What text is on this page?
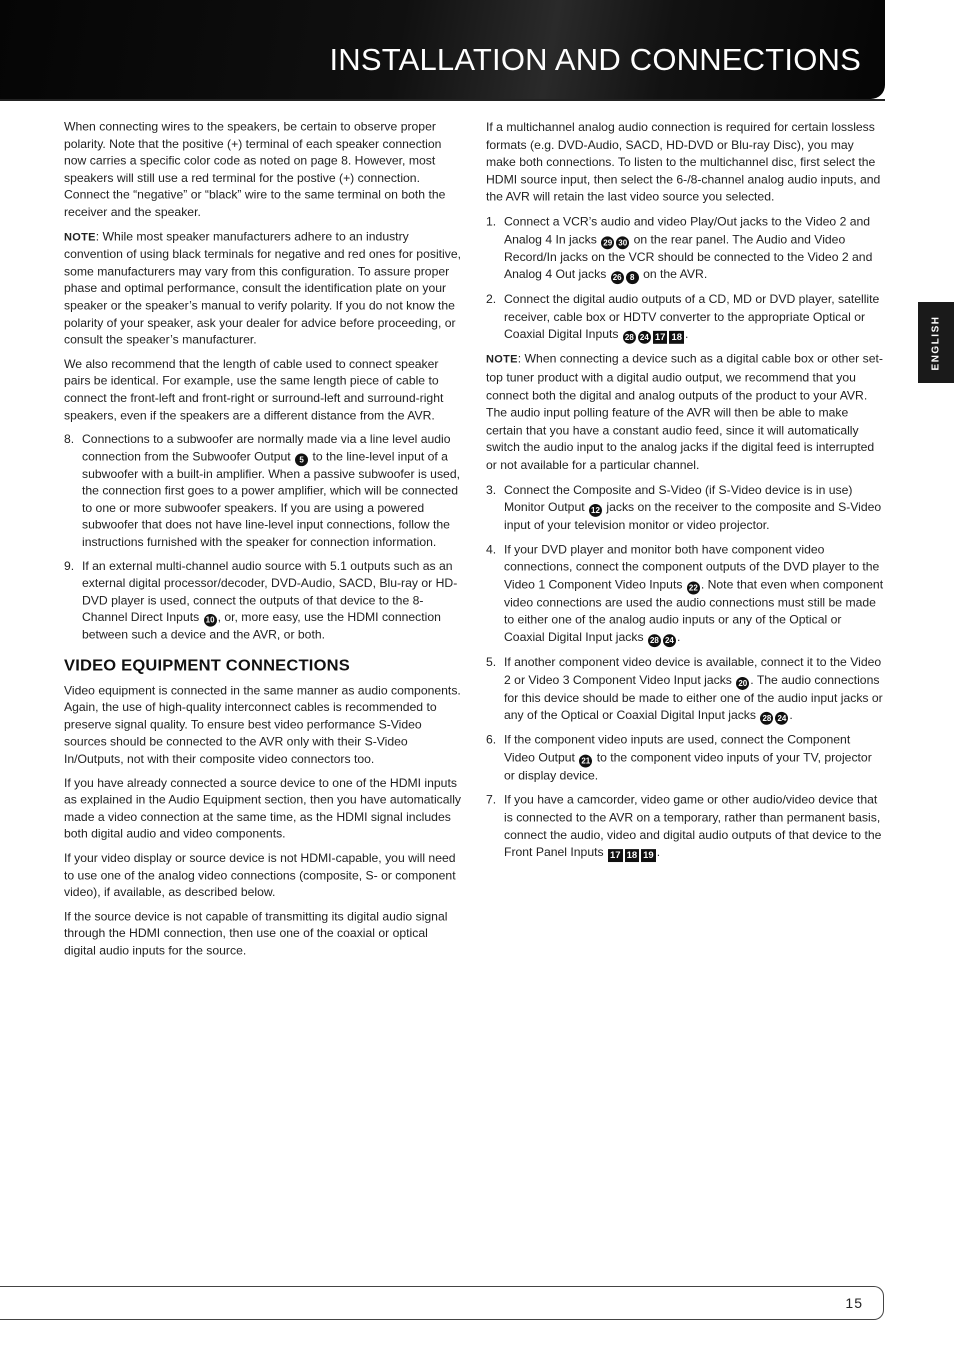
INSTALLATION AND CONNECTIONS
ENGLISH

When connecting wires to the speakers, be certain to observe proper polarity. Note that the positive (+) terminal of each speaker connection now carries a specific color code as noted on page 8. However, most speakers will still use a red terminal for the postive (+) connection. Connect the “negative” or “black” wire to the same terminal on both the receiver and the speaker.

NOTE: While most speaker manufacturers adhere to an industry convention of using black terminals for negative and red ones for positive, some manufacturers may vary from this configuration. To assure proper phase and optimal performance, consult the identification plate on your speaker or the speaker’s manual to verify polarity. If you do not know the polarity of your speaker, ask your dealer for advice before proceeding, or consult the speaker’s manufacturer.

We also recommend that the length of cable used to connect speaker pairs be identical. For example, use the same length piece of cable to connect the front-left and front-right or surround-left and surround-right speakers, even if the speakers are a different distance from the AVR.

8. Connections to a subwoofer are normally made via a line level audio connection from the Subwoofer Output 5 to the line-level input of a subwoofer with a built-in amplifier. When a passive subwoofer is used, the connection first goes to a power amplifier, which will be connected to one or more subwoofer speakers. If you are using a powered subwoofer that does not have line-level input connections, follow the instructions furnished with the speaker for connection information.
9. If an external multi-channel audio source with 5.1 outputs such as an external digital processor/decoder, DVD-Audio, SACD, Blu-ray or HD-DVD player is used, connect the outputs of that device to the 8-Channel Direct Inputs 10 , or, more easy, use the HDMI connection between such a device and the AVR, or both.
VIDEO EQUIPMENT CONNECTIONS

Video equipment is connected in the same manner as audio components. Again, the use of high-quality interconnect cables is recommended to preserve signal quality. To ensure best video performance S-Video sources should be connected to the AVR only with their S-Video In/Outputs, not with their composite video connectors too.

If you have already connected a source device to one of the HDMI inputs as explained in the Audio Equipment section, then you have automatically made a video connection at the same time, as the HDMI signal includes both digital audio and video components.

If your video display or source device is not HDMI-capable, you will need to use one of the analog video connections (composite, S- or component video), if available, as described below.

If the source device is not capable of transmitting its digital audio signal through the HDMI connection, then use one of the coaxial or optical digital audio inputs for the source.

If a multichannel analog audio connection is required for certain lossless formats (e.g. DVD-Audio, SACD, HD-DVD or Blu-ray Disc), you may make both connections. To listen to the multichannel disc, first select the HDMI source input, then select the 6-/8-channel analog audio inputs, and the AVR will retain the last video source you selected.

1. Connect a VCR’s audio and video Play/Out jacks to the Video 2 and Analog 4 In jacks 29 30 on the rear panel. The Audio and Video Record/In jacks on the VCR should be connected to the Video 2 and Analog 4 Out jacks 26 8 on the AVR.
2. Connect the digital audio outputs of a CD, MD or DVD player, satellite receiver, cable box or HDTV converter to the appropriate Optical or Coaxial Digital Inputs 28 24 17 18 .

NOTE: When connecting a device such as a digital cable box or other set-top tuner product with a digital audio output, we recommend that you connect both the digital and analog outputs of the product to your AVR. The audio input polling feature of the AVR will then be able to make certain that you have a constant audio feed, since it will automatically switch the audio input to the analog jacks if the digital feed is interrupted or not available for a particular channel.

3. Connect the Composite and S-Video (if S-Video device is in use) Monitor Output 12 jacks on the receiver to the composite and S-Video input of your television monitor or video projector.
4. If your DVD player and monitor both have component video connections, connect the component outputs of the DVD player to the Video 1 Component Video Inputs 22 . Note that even when component video connections are used the audio connections must still be made to either one of the analog audio inputs or any of the Optical or Coaxial Digital Input jacks 28 24 .
5. If another component video device is available, connect it to the Video 2 or Video 3 Component Video Input jacks 20 . The audio connections for this device should be made to either one of the audio input jacks or any of the Optical or Coaxial Digital Input jacks 28 24 .
6. If the component video inputs are used, connect the Component Video Output 21 to the component video inputs of your TV, projector or display device.
7. If you have a camcorder, video game or other audio/video device that is connected to the AVR on a temporary, rather than permanent basis, connect the audio, video and digital audio outputs of that device to the Front Panel Inputs 17 18 19 .
15
